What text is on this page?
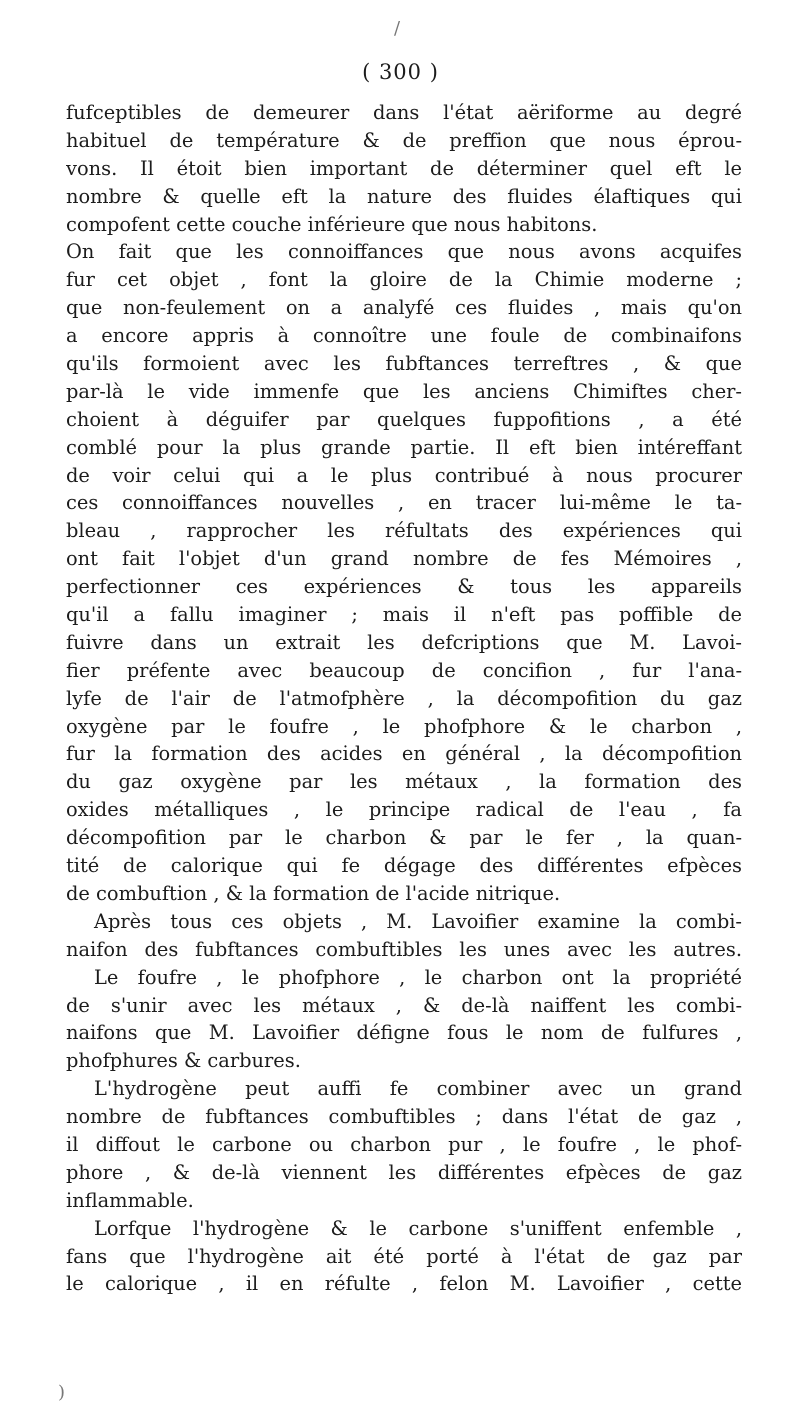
( 300 )
fufceptibles de demeurer dans l'état aëriforme au degré
habituel de température & de preffion que nous éprou-
vons. Il étoit bien important de déterminer quel eft le
nombre & quelle eft la nature des fluides élaftiques qui
compofent cette couche inférieure que nous habitons.
On fait que les connoiffances que nous avons acquifes
fur cet objet , font la gloire de la Chimie moderne ;
que non-feulement on a analyfé ces fluides , mais qu'on
a encore appris à connoître une foule de combinaifons
qu'ils formoient avec les fubftances terreftres , & que
par-là le vide immenfe que les anciens Chimiftes cher-
choient à déguifer par quelques fuppofitions , a été
comblé pour la plus grande partie. Il eft bien intéreffant
de voir celui qui a le plus contribué à nous procurer
ces connoiffances nouvelles , en tracer lui-même le ta-
bleau , rapprocher les réfultats des expériences qui
ont fait l'objet d'un grand nombre de fes Mémoires ,
perfectionner ces expériences & tous les appareils
qu'il a fallu imaginer ; mais il n'eft pas poffible de
fuivre dans un extrait les defcriptions que M. Lavoi-
fier préfente avec beaucoup de concifion , fur l'ana-
lyfe de l'air de l'atmofphère , la décompofition du gaz
oxygène par le foufre , le phofphore & le charbon ,
fur la formation des acides en général , la décompofition
du gaz oxygène par les métaux , la formation des
oxides métalliques , le principe radical de l'eau , fa
décompofition par le charbon & par le fer , la quan-
tité de calorique qui fe dégage des différentes efpèces
de combuftion , & la formation de l'acide nitrique.
Après tous ces objets , M. Lavoifier examine la combi-
naifon des fubftances combuftibles les unes avec les autres.
Le foufre , le phofphore , le charbon ont la propriété
de s'unir avec les métaux , & de-là naiffent les combi-
naifons que M. Lavoifier défigne fous le nom de fulfures ,
phofphures & carbures.
L'hydrogène peut auffi fe combiner avec un grand
nombre de fubftances combuftibles ; dans l'état de gaz ,
il diffout le carbone ou charbon pur , le foufre , le phof-
phore , & de-là viennent les différentes efpèces de gaz
inflammable.
Lorfque l'hydrogène & le carbone s'uniffent enfemble ,
fans que l'hydrogène ait été porté à l'état de gaz par
le calorique , il en réfulte , felon M. Lavoifier , cette
/
)
